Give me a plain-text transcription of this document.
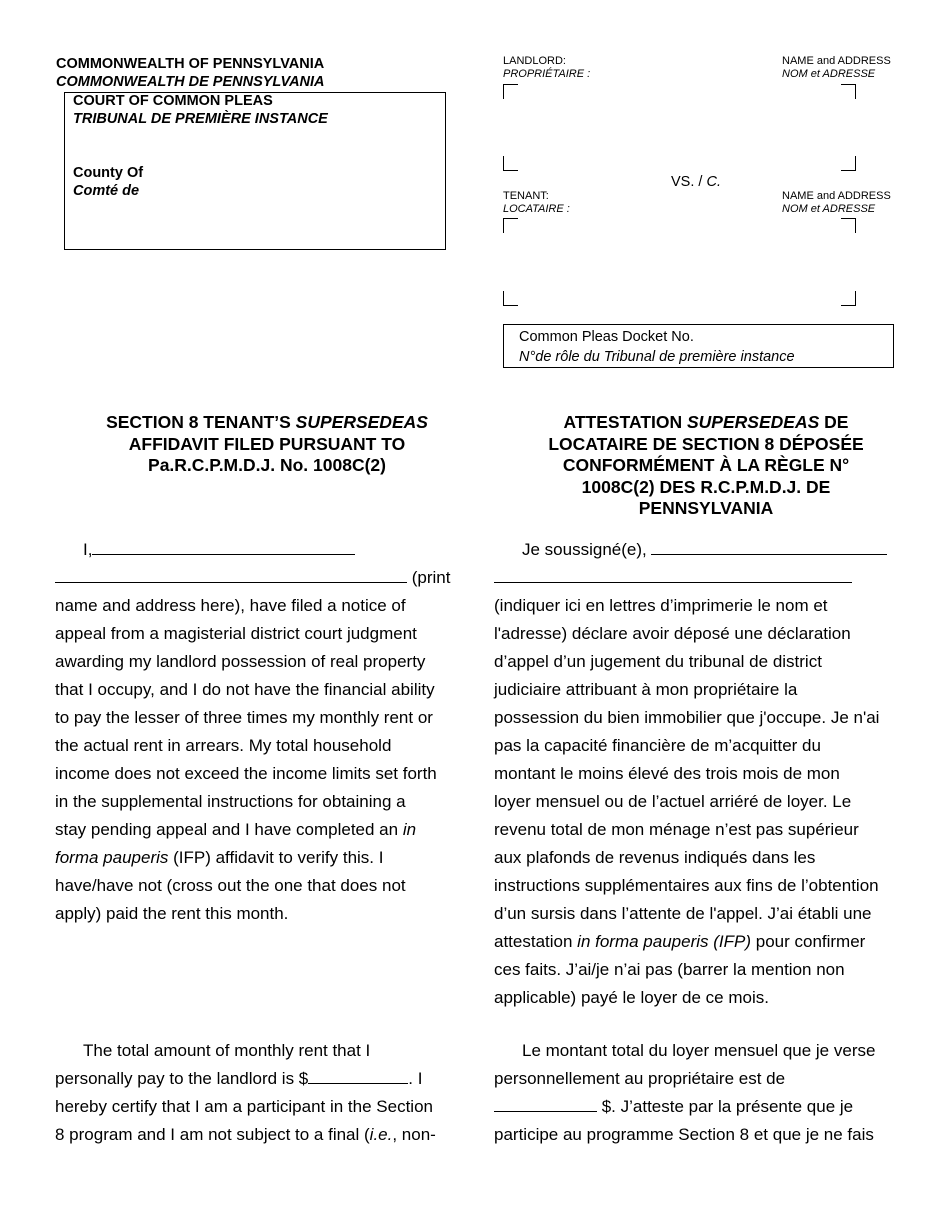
COMMONWEALTH OF PENNSYLVANIA
COMMONWEALTH DE PENNSYLVANIA
COURT OF COMMON PLEAS
TRIBUNAL DE PREMIÈRE INSTANCE
County Of
Comté de
LANDLORD:
PROPRIÉTAIRE :
NAME and ADDRESS
NOM et ADRESSE
VS. / C.
TENANT:
LOCATAIRE :
NAME and ADDRESS
NOM et ADRESSE
Common Pleas Docket No.
N°de rôle du Tribunal de première instance
SECTION 8 TENANT’S SUPERSEDEAS
AFFIDAVIT FILED PURSUANT TO
Pa.R.C.P.M.D.J. No. 1008C(2)
ATTESTATION SUPERSEDEAS DE
LOCATAIRE DE SECTION 8 DÉPOSÉE
CONFORMÉMENT À LA RÈGLE N°
1008C(2) DES R.C.P.M.D.J. DE
PENNSYLVANIA

I,

(print

name and address here), have filed a notice of

appeal from a magisterial district court judgment

awarding my landlord possession of real property

that I occupy, and I do not have the financial ability

to pay the lesser of three times my monthly rent or

the actual rent in arrears. My total household

income does not exceed the income limits set forth

in the supplemental instructions for obtaining a

stay pending appeal and I have completed an in

forma pauperis (IFP) affidavit to verify this. I

have/have not (cross out the one that does not

apply) paid the rent this month.

Je soussigné(e),

(indiquer ici en lettres d’imprimerie le nom et

l'adresse) déclare avoir déposé une déclaration

d’appel d’un jugement du tribunal de district

judiciaire attribuant à mon propriétaire la

possession du bien immobilier que j'occupe. Je n'ai

pas la capacité financière de m’acquitter du

montant le moins élevé des trois mois de mon

loyer mensuel ou de l’actuel arriéré de loyer. Le

revenu total de mon ménage n’est pas supérieur

aux plafonds de revenus indiqués dans les

instructions supplémentaires aux fins de l’obtention

d’un sursis dans l’attente de l'appel. J’ai établi une

attestation in forma pauperis (IFP) pour confirmer

ces faits. J’ai/je n’ai pas (barrer la mention non

applicable) payé le loyer de ce mois.

The total amount of monthly rent that I

personally pay to the landlord is $	. I

hereby certify that I am a participant in the Section

8 program and I am not subject to a final (i.e., non-

Le montant total du loyer mensuel que je verse

personnellement au propriétaire est de

$. J’atteste par la présente que je

participe au programme Section 8 et que je ne fais
